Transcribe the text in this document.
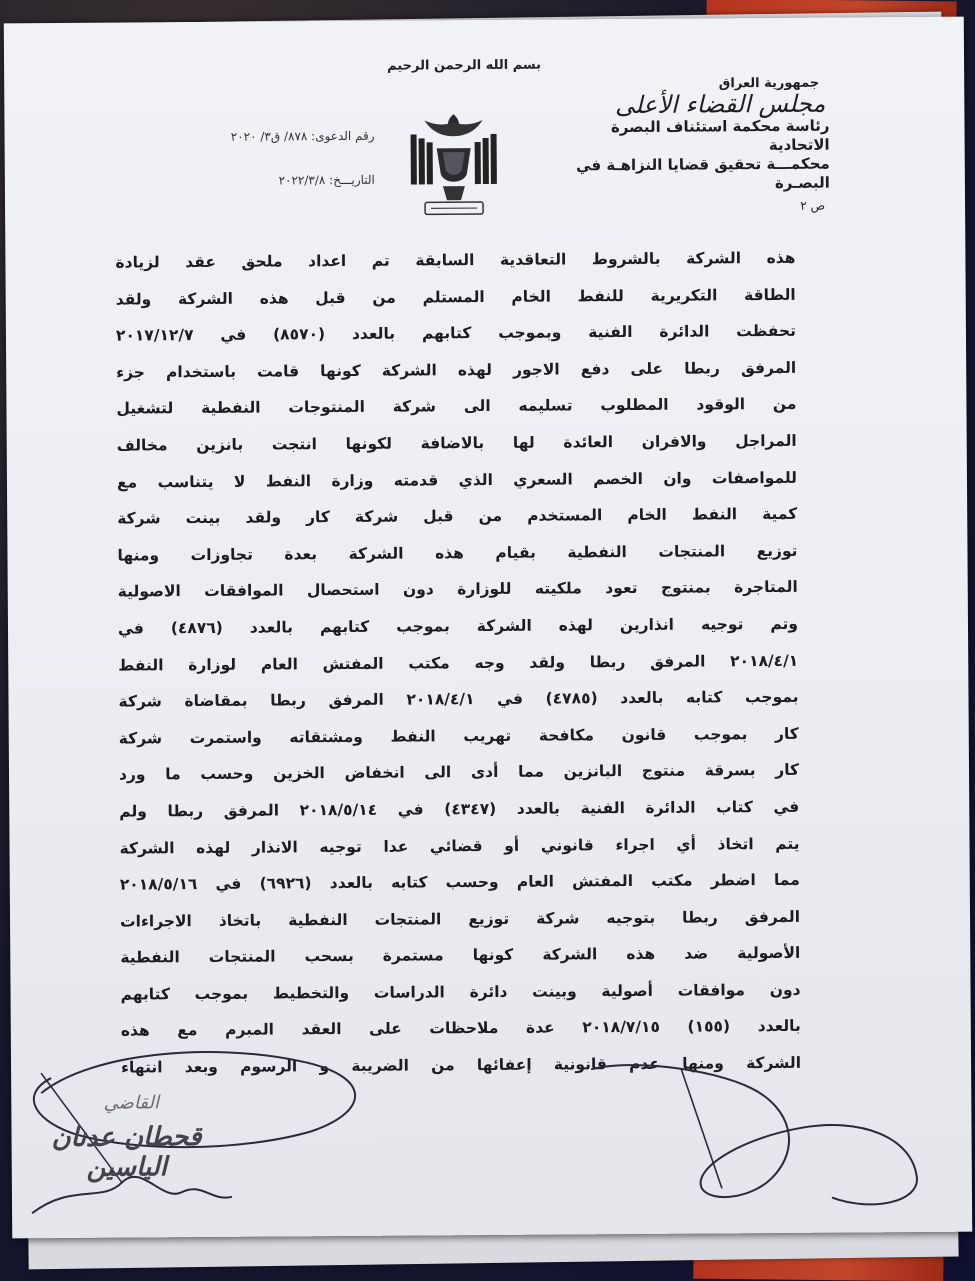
بسم الله الرحمن الرحيم
جمهورية العراق
مجلس القضاء الأعلى
رئاسة محكمة استئناف البصرة الاتحادية
محكمـــة تحقيق قضايا النزاهـة في البصـرة
ص ٢
رقم الدعوى: ٨٧٨/ ق٣/ ٢٠٢٠
التاريـــخ: ٢٠٢٢/٣/٨
هذه الشركة بالشروط التعاقدية السابقة تم اعداد ملحق عقد لزيادة
الطاقة التكريرية للنفط الخام المستلم من قبل هذه الشركة ولقد
تحفظت الدائرة الفنية وبموجب كتابهم بالعدد (٨٥٧٠) في ٢٠١٧/١٢/٧
المرفق ربطا على دفع الاجور لهذه الشركة كونها قامت باستخدام جزء
من الوقود المطلوب تسليمه الى شركة المنتوجات النفطية لتشغيل
المراجل والافران العائدة لها بالاضافة لكونها انتجت بانزين مخالف
للمواصفات وان الخصم السعري الذي قدمته وزارة النفط لا يتناسب مع
كمية النفط الخام المستخدم من قبل شركة كار ولقد بينت شركة
توزيع المنتجات النفطية بقيام هذه الشركة بعدة تجاوزات ومنها
المتاجرة بمنتوج تعود ملكيته للوزارة دون استحصال الموافقات الاصولية
وتم توجيه انذارين لهذه الشركة بموجب كتابهم بالعدد (٤٨٧٦) في
٢٠١٨/٤/١ المرفق ربطا ولقد وجه مكتب المفتش العام لوزارة النفط
بموجب كتابه بالعدد (٤٧٨٥) في ٢٠١٨/٤/١ المرفق ربطا بمقاضاة شركة
كار بموجب قانون مكافحة تهريب النفط ومشتقاته واستمرت شركة
كار بسرقة منتوج البانزين مما أدى الى انخفاض الخزين وحسب ما ورد
في كتاب الدائرة الفنية بالعدد (٤٣٤٧) في ٢٠١٨/٥/١٤ المرفق ربطا ولم
يتم اتخاذ أي اجراء قانوني أو قضائي عدا توجيه الانذار لهذه الشركة
مما اضطر مكتب المفتش العام وحسب كتابه بالعدد (٦٩٢٦) في ٢٠١٨/٥/١٦
المرفق ربطا بتوجيه شركة توزيع المنتجات النفطية باتخاذ الاجراءات
الأصولية ضد هذه الشركة كونها مستمرة بسحب المنتجات النفطية
دون موافقات أصولية وبينت دائرة الدراسات والتخطيط بموجب كتابهم
بالعدد (١٥٥) ٢٠١٨/٧/١٥ عدة ملاحظات على العقد المبرم مع هذه
الشركة ومنها عدم قانونية إعفائها من الضريبة و الرسوم وبعد انتهاء
القاضي
قحطان عدنان الياسين
